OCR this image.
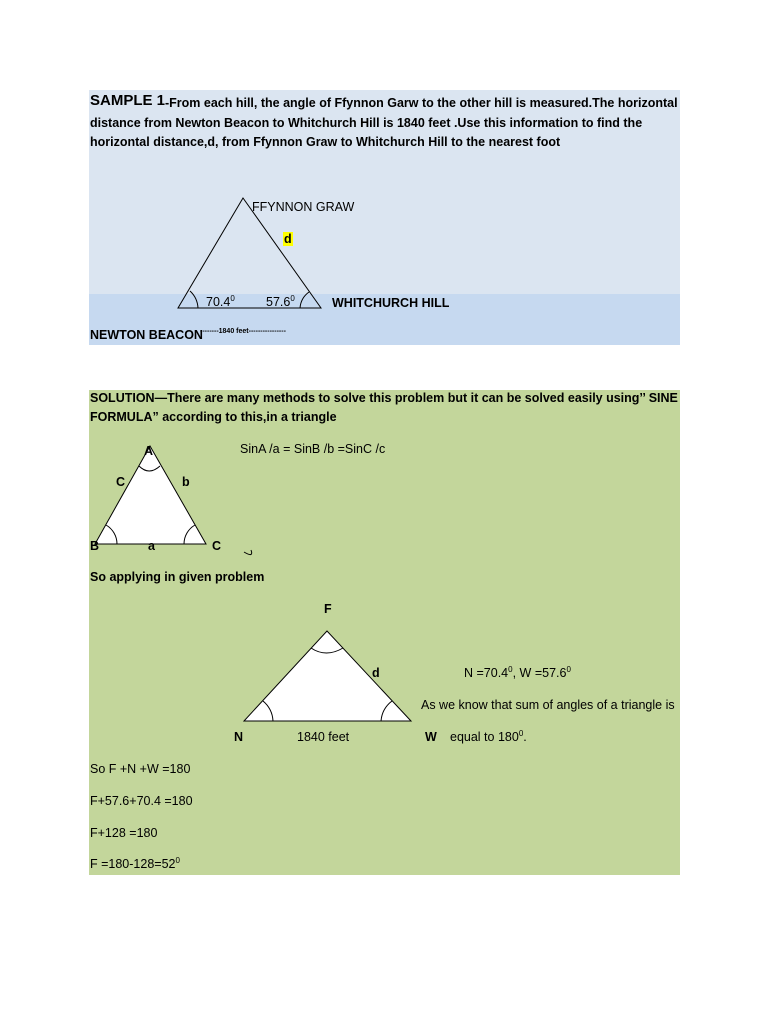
SAMPLE 1 -From each hill, the angle of Ffynnon Garw to the other hill is measured.The horizontal
distance from Newton Beacon to Whitchurch Hill is 1840 feet .Use this information to find the
horizontal distance,d, from Ffynnon Graw to Whitchurch Hill to the nearest foot
FFYNNON GRAW
d
70.4$^0$ 57.6$^0$	WHITCHURCH HILL
NEWTON BEACON
--------1840 feet----------------
SOLUTION—There are many methods to solve this problem but it can be solved easily using’’ SINE
FORMULA” according to this,in a triangle
A	SinA /a = SinB /b =SinC /c
C	b
B	a	C
So applying in given problem
F
d	$N =70.4^0$, $W =57.6^0$
As we know that sum of angles of a triangle is
N	1840 feet	W equal to $180^0$.
So F +N +W =180
F+57.6+70.4 =180
F+128 =180
$F =180-128=52^0$
